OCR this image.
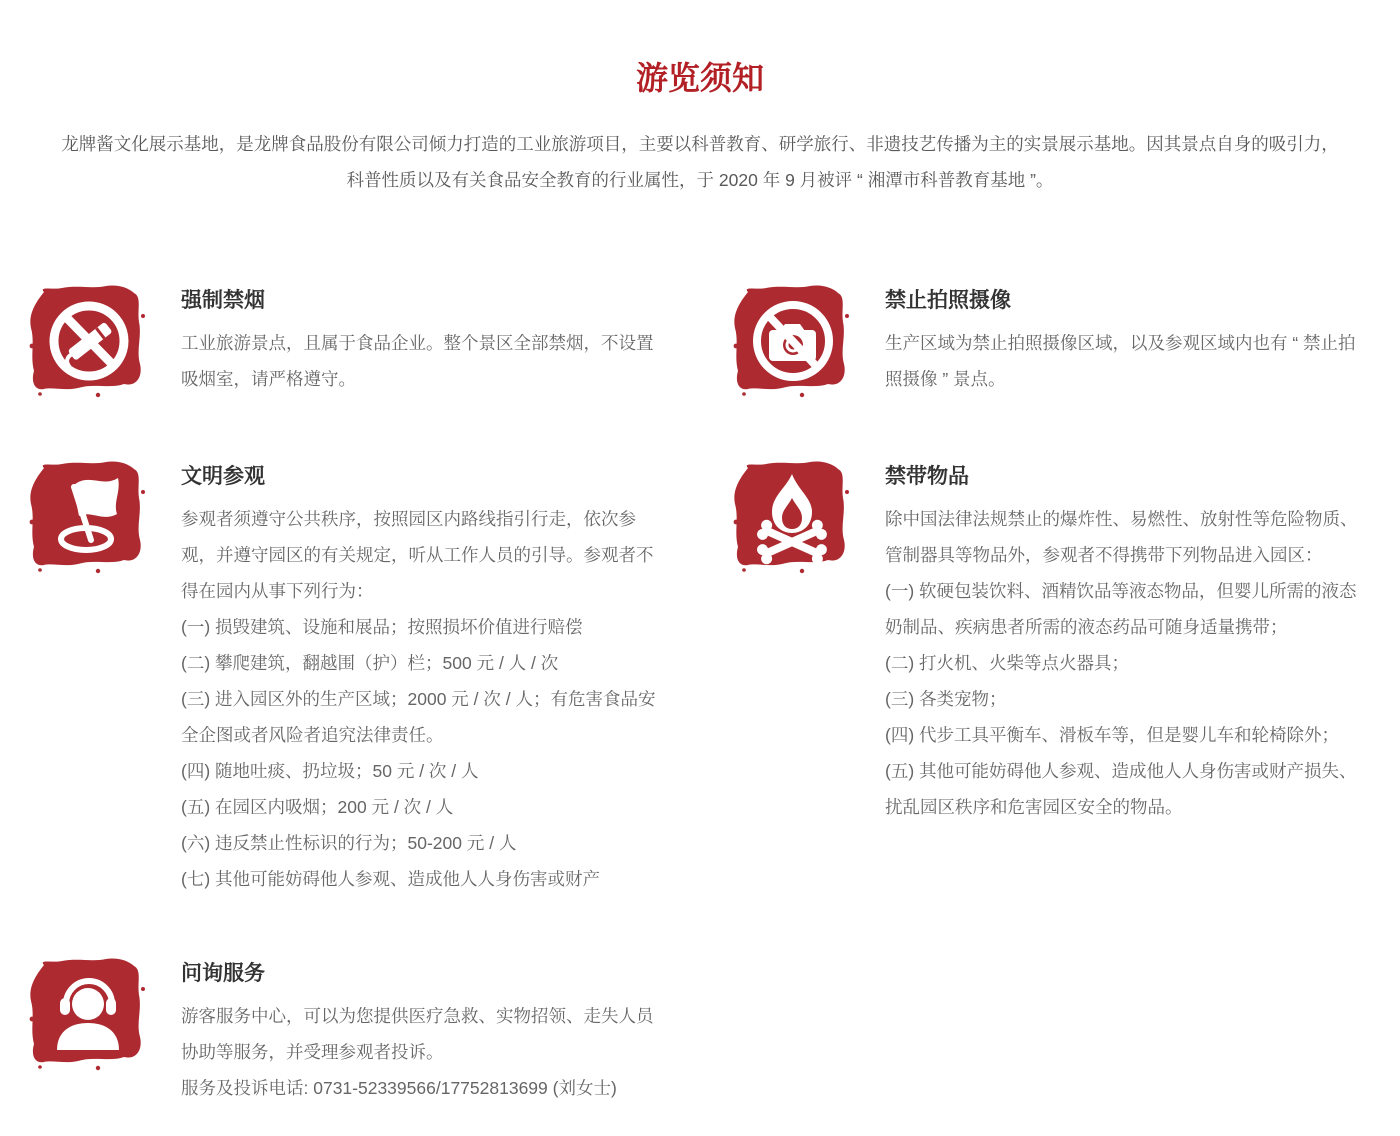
游览须知
龙牌酱文化展示基地，是龙牌食品股份有限公司倾力打造的工业旅游项目，主要以科普教育、研学旅行、非遗技艺传播为主的实景展示基地。因其景点自身的吸引力，
科普性质以及有关食品安全教育的行业属性，于 2020 年 9 月被评 “ 湘潭市科普教育基地 ”。
强制禁烟

工业旅游景点，且属于食品企业。整个景区全部禁烟，不设置吸烟室，请严格遵守。

文明参观

参观者须遵守公共秩序，按照园区内路线指引行走，依次参观，并遵守园区的有关规定，听从工作人员的引导。参观者不得在园内从事下列行为：

(一) 损毁建筑、设施和展品；按照损坏价值进行赔偿

(二) 攀爬建筑，翻越围（护）栏；500 元 / 人 / 次

(三) 进入园区外的生产区域；2000 元 / 次 / 人；有危害食品安全企图或者风险者追究法律责任。

(四) 随地吐痰、扔垃圾；50 元 / 次 / 人

(五) 在园区内吸烟；200 元 / 次 / 人

(六) 违反禁止性标识的行为；50-200 元 / 人

(七) 其他可能妨碍他人参观、造成他人人身伤害或财产

问询服务

游客服务中心，可以为您提供医疗急救、实物招领、走失人员协助等服务，并受理参观者投诉。

服务及投诉电话: 0731-52339566/17752813699 (刘女士)

禁止拍照摄像

生产区域为禁止拍照摄像区域，以及参观区域内也有 “ 禁止拍照摄像 ” 景点。

禁带物品

除中国法律法规禁止的爆炸性、易燃性、放射性等危险物质、管制器具等物品外，参观者不得携带下列物品进入园区：

(一) 软硬包装饮料、酒精饮品等液态物品，但婴儿所需的液态奶制品、疾病患者所需的液态药品可随身适量携带；

(二) 打火机、火柴等点火器具；

(三) 各类宠物；

(四) 代步工具平衡车、滑板车等，但是婴儿车和轮椅除外；

(五) 其他可能妨碍他人参观、造成他人人身伤害或财产损失、扰乱园区秩序和危害园区安全的物品。
